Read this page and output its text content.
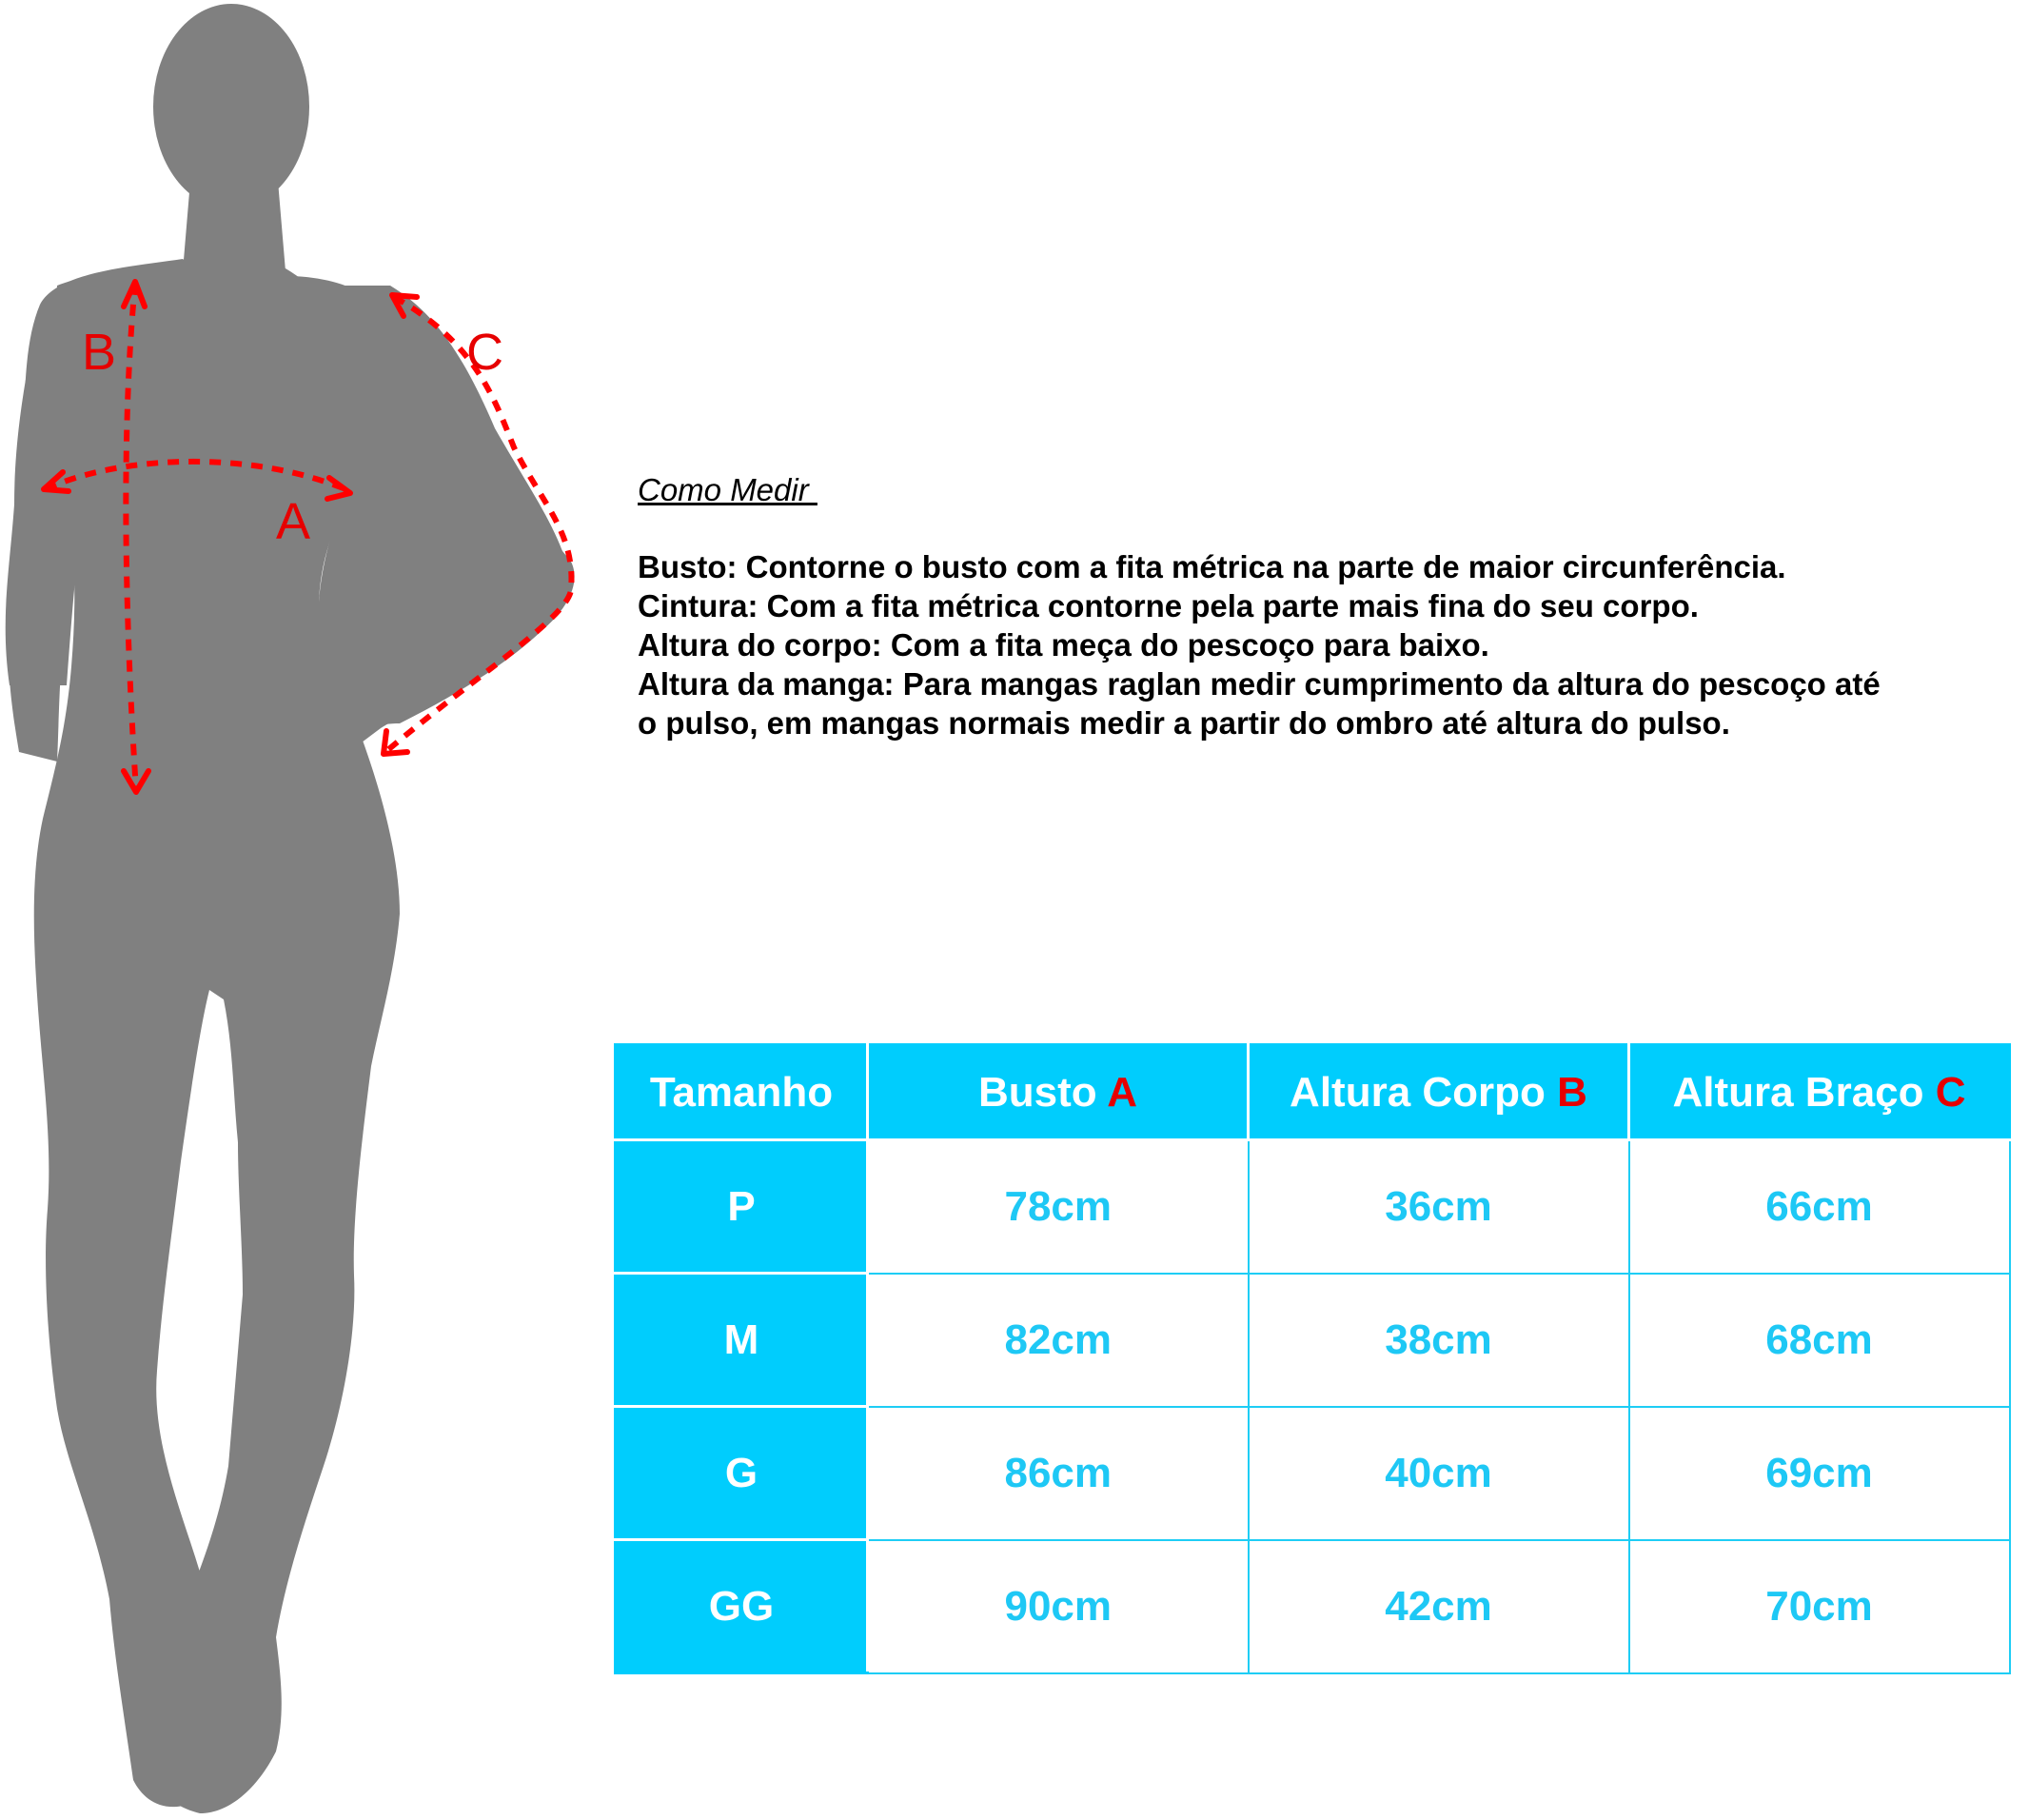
B	C
A
Como Medir
Busto: Contorne o busto com a fita métrica na parte de maior circunferência.
Cintura: Com a fita métrica contorne pela parte mais fina do seu corpo.
Altura do corpo: Com a fita meça do pescoço para baixo.
Altura da manga: Para mangas raglan medir cumprimento da altura do pescoço até
o pulso, em mangas normais medir a partir do ombro até altura do pulso.
Tamanho	Busto A	Altura Corpo B	Altura Braço C
P	78cm	36cm	66cm
M	82cm	38cm	68cm
G	86cm	40cm	69cm
GG	90cm	42cm	70cm
